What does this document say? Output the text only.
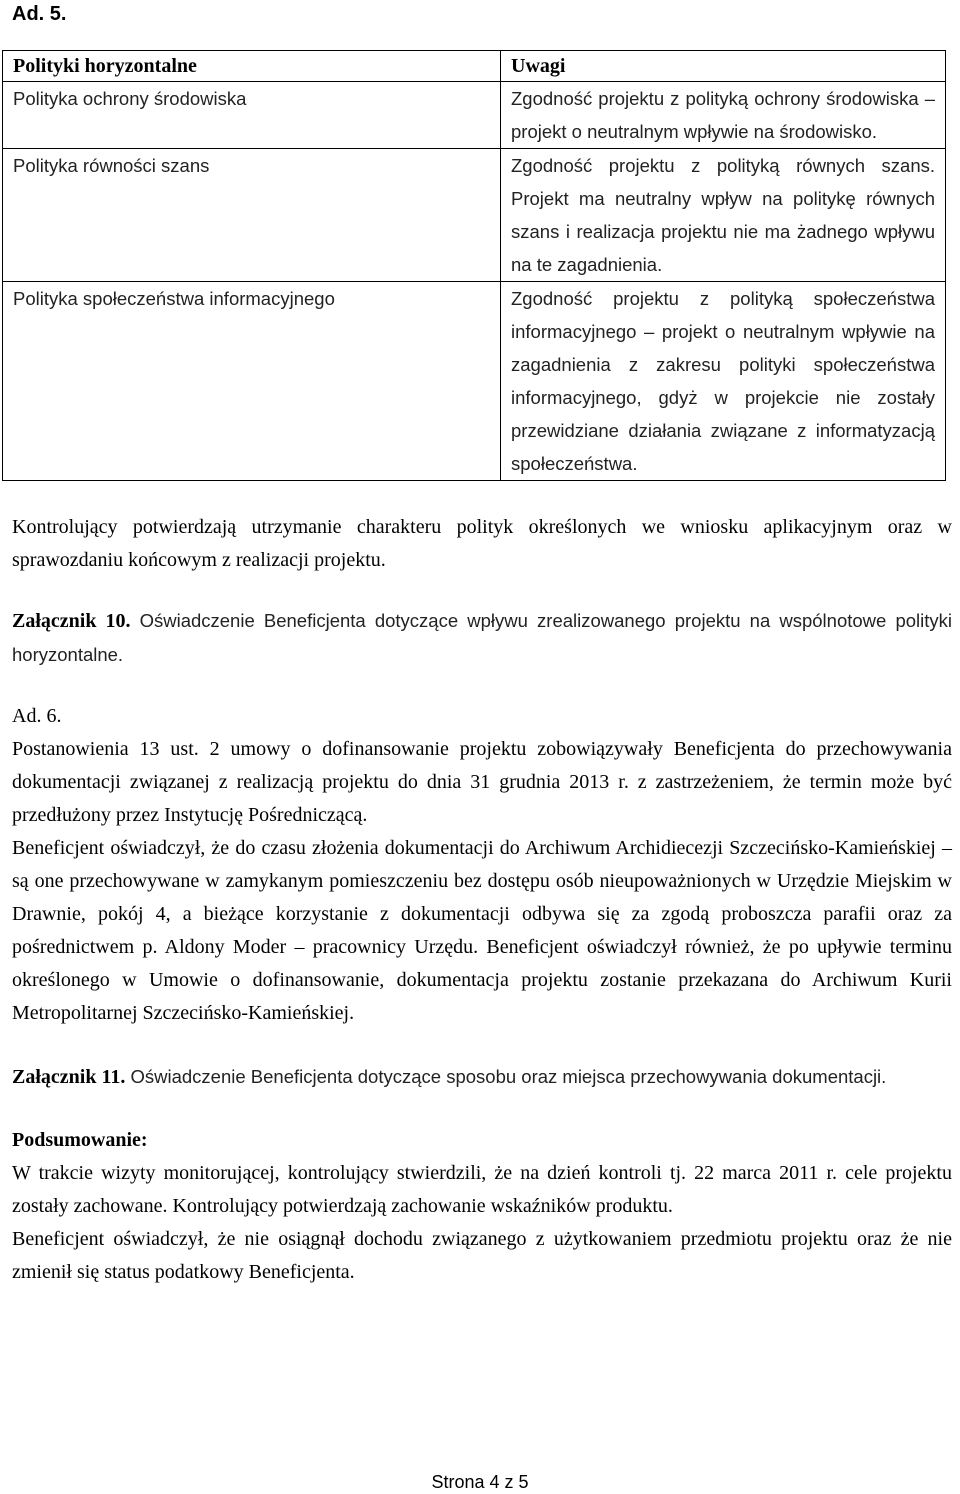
Ad. 5.
Polityki horyzontalne	Uwagi
Polityka ochrony środowiska	Zgodność projektu z polityką ochrony środowiska – projekt o neutralnym wpływie na środowisko.
Polityka równości szans	Zgodność projektu z polityką równych szans. Projekt ma neutralny wpływ na politykę równych szans i realizacja projektu nie ma żadnego wpływu na te zagadnienia.
Polityka społeczeństwa informacyjnego	Zgodność projektu z polityką społeczeństwa informacyjnego – projekt o neutralnym wpływie na zagadnienia z zakresu polityki społeczeństwa informacyjnego, gdyż w projekcie nie zostały przewidziane działania związane z informatyzacją społeczeństwa.

Kontrolujący potwierdzają utrzymanie charakteru polityk określonych we wniosku aplikacyjnym oraz w sprawozdaniu końcowym z realizacji projektu.

Załącznik 10. Oświadczenie Beneficjenta dotyczące wpływu zrealizowanego projektu na wspólnotowe polityki horyzontalne.

Ad. 6.

Postanowienia 13 ust. 2 umowy o dofinansowanie projektu zobowiązywały Beneficjenta do przechowywania dokumentacji związanej z realizacją projektu do dnia 31 grudnia 2013 r. z zastrzeżeniem, że termin może być przedłużony przez Instytucję Pośredniczącą.

Beneficjent oświadczył, że do czasu złożenia dokumentacji do Archiwum Archidiecezji Szczecińsko-Kamieńskiej – są one przechowywane w zamykanym pomieszczeniu bez dostępu osób nieupoważnionych w Urzędzie Miejskim w Drawnie, pokój 4, a bieżące korzystanie z dokumentacji odbywa się za zgodą proboszcza parafii oraz za pośrednictwem p. Aldony Moder – pracownicy Urzędu. Beneficjent oświadczył również, że po upływie terminu określonego w Umowie o dofinansowanie, dokumentacja projektu zostanie przekazana do Archiwum Kurii Metropolitarnej Szczecińsko-Kamieńskiej.

Załącznik 11. Oświadczenie Beneficjenta dotyczące sposobu oraz miejsca przechowywania dokumentacji.

Podsumowanie:

W trakcie wizyty monitorującej, kontrolujący stwierdzili, że na dzień kontroli tj. 22 marca 2011 r. cele projektu zostały zachowane. Kontrolujący potwierdzają zachowanie wskaźników produktu.

Beneficjent oświadczył, że nie osiągnął dochodu związanego z użytkowaniem przedmiotu projektu oraz że nie zmienił się status podatkowy Beneficjenta.

Strona 4 z 5
